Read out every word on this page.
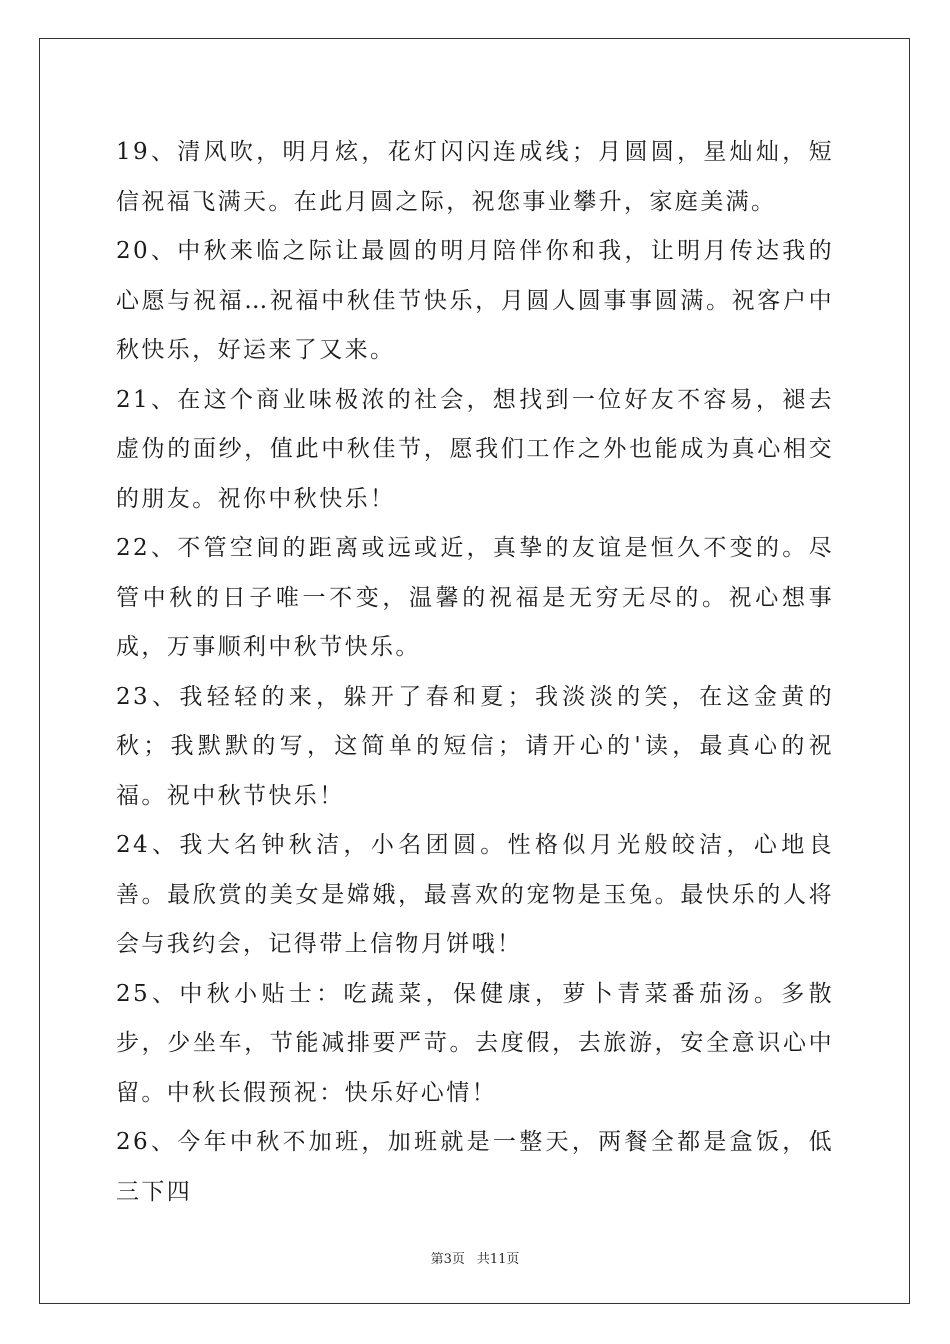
19、清风吹，明月炫，花灯闪闪连成线；月圆圆，星灿灿，短信祝福飞满天。在此月圆之际，祝您事业攀升，家庭美满。

20、中秋来临之际让最圆的明月陪伴你和我，让明月传达我的心愿与祝福…祝福中秋佳节快乐，月圆人圆事事圆满。祝客户中秋快乐，好运来了又来。

21、在这个商业味极浓的社会，想找到一位好友不容易，褪去虚伪的面纱，值此中秋佳节，愿我们工作之外也能成为真心相交的朋友。祝你中秋快乐！

22、不管空间的距离或远或近，真挚的友谊是恒久不变的。尽管中秋的日子唯一不变，温馨的祝福是无穷无尽的。祝心想事成，万事顺利中秋节快乐。

23、我轻轻的来，躲开了春和夏；我淡淡的笑，在这金黄的秋；我默默的写，这简单的短信；请开心的'读，最真心的祝福。祝中秋节快乐！

24、我大名钟秋洁，小名团圆。性格似月光般皎洁，心地良善。最欣赏的美女是嫦娥，最喜欢的宠物是玉兔。最快乐的人将会与我约会，记得带上信物月饼哦！

25、中秋小贴士：吃蔬菜，保健康，萝卜青菜番茄汤。多散步，少坐车，节能减排要严苛。去度假，去旅游，安全意识心中留。中秋长假预祝：快乐好心情！

26、今年中秋不加班，加班就是一整天，两餐全都是盒饭，低三下四

第3页 共11页
